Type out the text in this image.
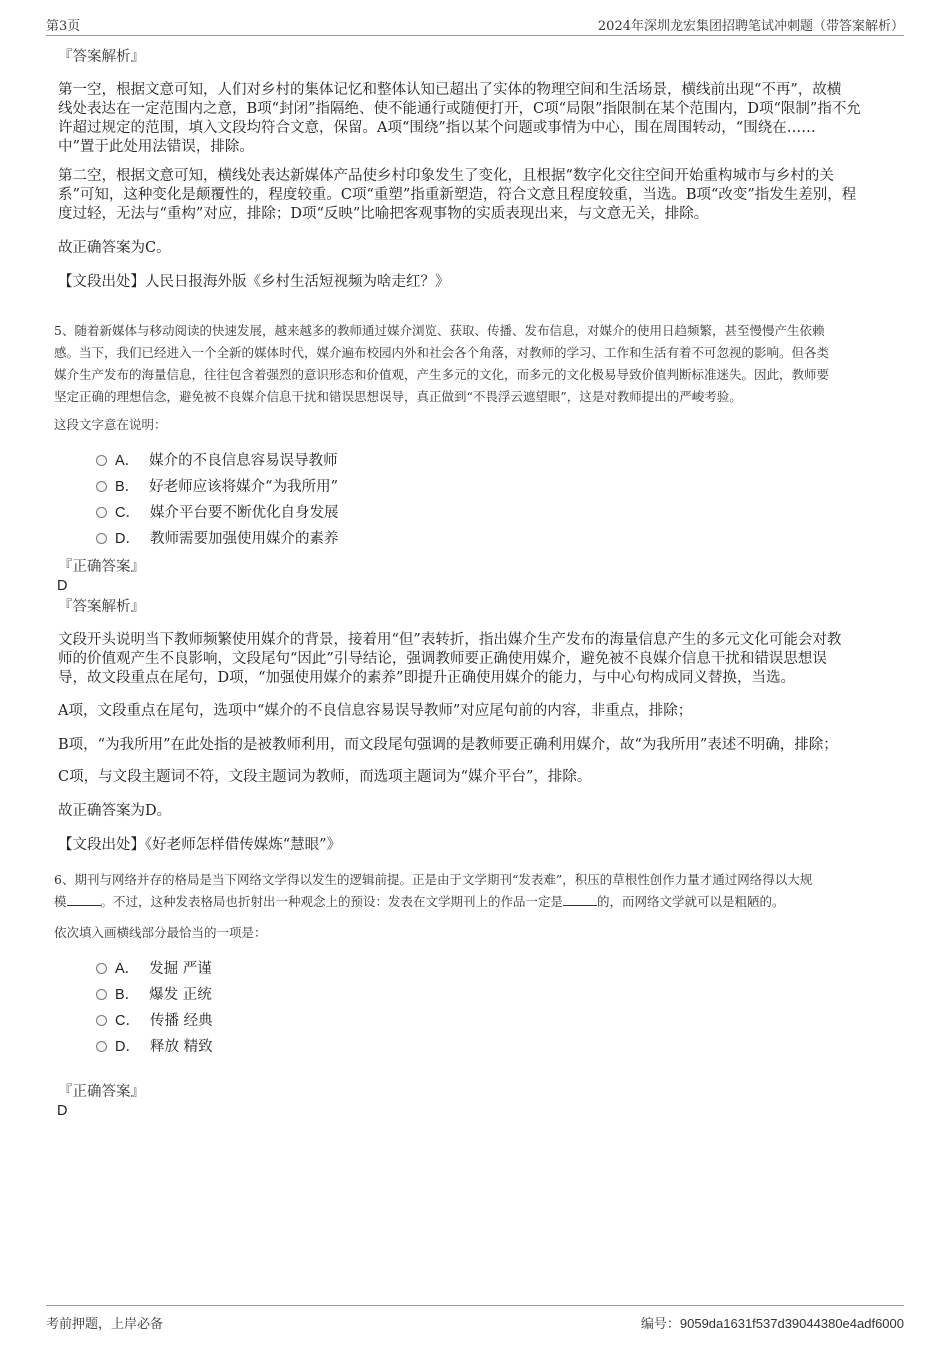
第3页	2024年深圳龙宏集团招聘笔试冲刺题（带答案解析）

『答案解析』

第一空，根据文意可知，人们对乡村的集体记忆和整体认知已超出了实体的物理空间和生活场景，横线前出现“不再”，故横
线处表达在一定范围内之意，B项“封闭”指隔绝、使不能通行或随便打开，C项“局限”指限制在某个范围内，D项“限制”指不允
许超过规定的范围，填入文段均符合文意，保留。A项“围绕”指以某个问题或事情为中心，围在周围转动，“围绕在……
中”置于此处用法错误，排除。
第二空，根据文意可知，横线处表达新媒体产品使乡村印象发生了变化，且根据“数字化交往空间开始重构城市与乡村的关
系”可知，这种变化是颠覆性的，程度较重。C项“重塑”指重新塑造，符合文意且程度较重，当选。B项“改变”指发生差别，程
度过轻，无法与“重构”对应，排除；D项“反映”比喻把客观事物的实质表现出来，与文意无关，排除。

故正确答案为C。

【文段出处】人民日报海外版《乡村生活短视频为啥走红？》

5、随着新媒体与移动阅读的快速发展，越来越多的教师通过媒介浏览、获取、传播、发布信息，对媒介的使用日趋频繁，甚至慢慢产生依赖
感。当下，我们已经进入一个全新的媒体时代，媒介遍布校园内外和社会各个角落，对教师的学习、工作和生活有着不可忽视的影响。但各类
媒介生产发布的海量信息，往往包含着强烈的意识形态和价值观，产生多元的文化，而多元的文化极易导致价值判断标准迷失。因此，教师要
坚定正确的理想信念，避免被不良媒介信息干扰和错误思想误导，真正做到“不畏浮云遮望眼”，这是对教师提出的严峻考验。

这段文字意在说明：

A． 媒介的不良信息容易误导教师
B． 好老师应该将媒介“为我所用”
C． 媒介平台要不断优化自身发展
D． 教师需要加强使用媒介的素养

『正确答案』

D

『答案解析』

文段开头说明当下教师频繁使用媒介的背景，接着用“但”表转折，指出媒介生产发布的海量信息产生的多元文化可能会对教
师的价值观产生不良影响，文段尾句“因此”引导结论，强调教师要正确使用媒介，避免被不良媒介信息干扰和错误思想误
导，故文段重点在尾句，D项，“加强使用媒介的素养”即提升正确使用媒介的能力，与中心句构成同义替换，当选。

A项，文段重点在尾句，选项中“媒介的不良信息容易误导教师”对应尾句前的内容，非重点，排除；

B项，“为我所用”在此处指的是被教师利用，而文段尾句强调的是教师要正确利用媒介，故“为我所用”表述不明确，排除；

C项，与文段主题词不符，文段主题词为教师，而选项主题词为“媒介平台”，排除。

故正确答案为D。

【文段出处】《好老师怎样借传媒炼“慧眼”》

6、期刊与网络并存的格局是当下网络文学得以发生的逻辑前提。正是由于文学期刊“发表难”，积压的草根性创作力量才通过网络得以大规
模	。不过，这种发表格局也折射出一种观念上的预设：发表在文学期刊上的作品一定是	的，而网络文学就可以是粗陋的。

依次填入画横线部分最恰当的一项是：

A． 发掘 严谨
B． 爆发 正统
C． 传播 经典
D． 释放 精致

『正确答案』

D

考前押题，上岸必备	编号：9059da1631f537d39044380e4adf6000
